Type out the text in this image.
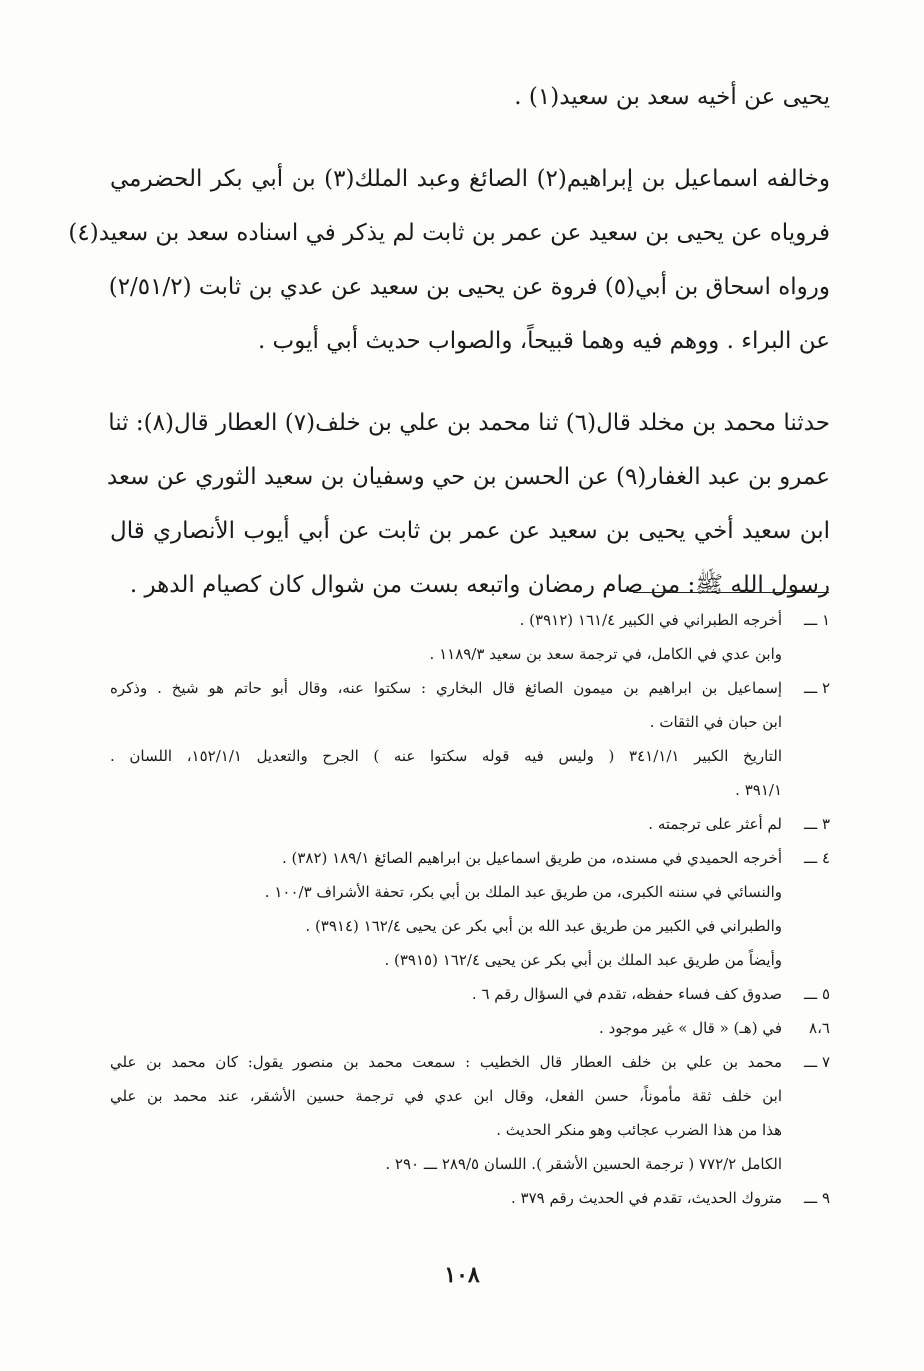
يحيى عن أخيه سعد بن سعيد(١) .
وخالفه اسماعيل بن إبراهيم(٢) الصائغ وعبد الملك(٣) بن أبي بكر الحضرمي
فروياه عن يحيى بن سعيد عن عمر بن ثابت لم يذكر في اسناده سعد بن سعيد(٤)
ورواه اسحاق بن أبي(٥) فروة عن يحيى بن سعيد عن عدي بن ثابت (٢/٥١/٢)
عن البراء . ووهم فيه وهما قبيحاً، والصواب حديث أبي أيوب .
حدثنا محمد بن مخلد قال(٦) ثنا محمد بن علي بن خلف(٧) العطار قال(٨): ثنا
عمرو بن عبد الغفار(٩) عن الحسن بن حي وسفيان بن سعيد الثوري عن سعد
ابن سعيد أخي يحيى بن سعيد عن عمر بن ثابت عن أبي أيوب الأنصاري قال
رسول الله ﷺ: من صام رمضان واتبعه بست من شوال كان كصيام الدهر .
١ ـــ
أخرجه الطبراني في الكبير ١٦١/٤ (٣٩١٢) .
وابن عدي في الكامل، في ترجمة سعد بن سعيد ١١٨٩/٣ .
٢ ـــ
إسماعيل بن ابراهيم بن ميمون الصائغ قال البخاري : سكتوا عنه، وقال أبو حاتم هو شيخ . وذكره
ابن حبان في الثقات .
التاريخ الكبير ٣٤١/١/١ ( وليس فيه قوله سكتوا عنه ) الجرح والتعديل ١٥٢/١/١، اللسان .
٣٩١/١ .
٣ ـــ
لم أعثر على ترجمته .
٤ ـــ
أخرجه الحميدي في مسنده، من طريق اسماعيل بن ابراهيم الصائغ ١٨٩/١ (٣٨٢) .
والنسائي في سننه الكبرى، من طريق عبد الملك بن أبي بكر، تحفة الأشراف ١٠٠/٣ .
والطبراني في الكبير من طريق عبد الله بن أبي بكر عن يحيى ١٦٢/٤ (٣٩١٤) .
وأيضاً من طريق عبد الملك بن أبي بكر عن يحيى ١٦٢/٤ (٣٩١٥) .
٥ ـــ
صدوق كف فساء حفظه، تقدم في السؤال رقم ٦ .
٨،٦
في (هـ) « قال » غير موجود .
٧ ـــ
محمد بن علي بن خلف العطار قال الخطيب : سمعت محمد بن منصور يقول: كان محمد بن علي
ابن خلف ثقة مأموناً، حسن الفعل، وقال ابن عدي في ترجمة حسين الأشقر، عند محمد بن علي
هذا من هذا الضرب عجائب وهو منكر الحديث .
الكامل ٧٧٢/٢ ( ترجمة الحسين الأشقر ). اللسان ٢٨٩/٥ ـــ ٢٩٠ .
٩ ـــ
متروك الحديث، تقدم في الحديث رقم ٣٧٩ .
١٠٨
